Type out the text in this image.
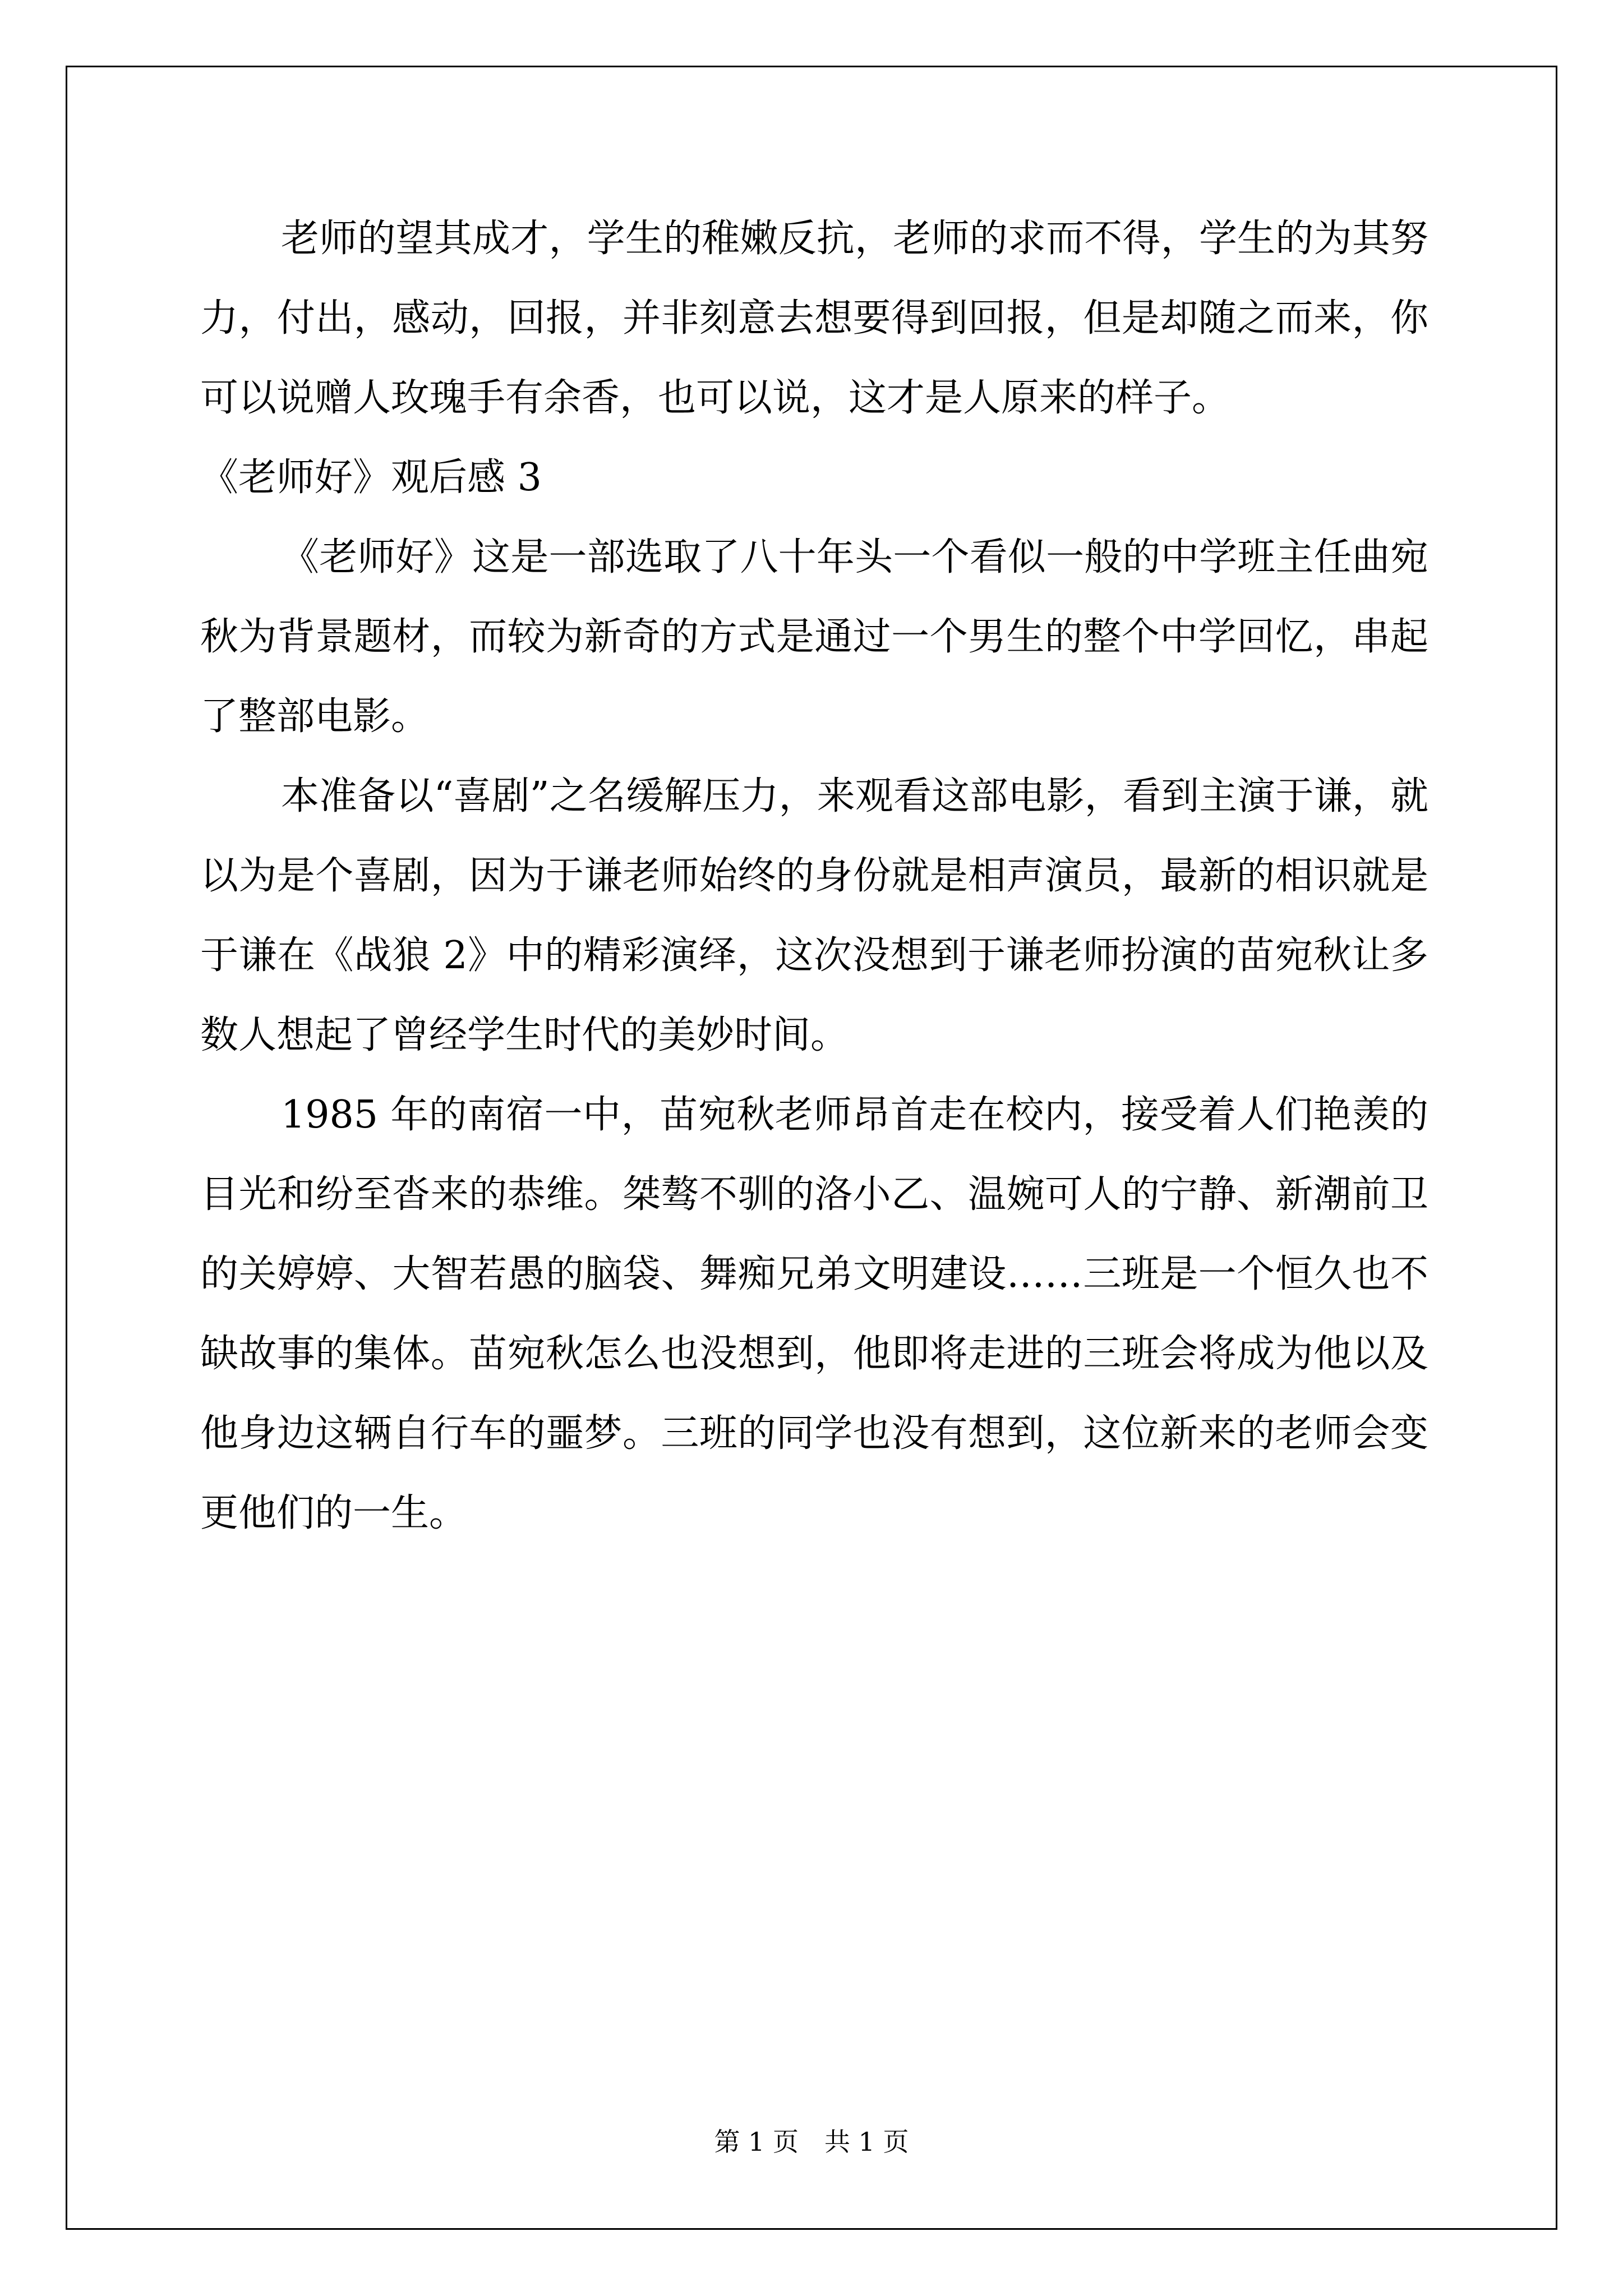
老师的望其成才，学生的稚嫩反抗，老师的求而不得，学生的为其努力，付出，感动，回报，并非刻意去想要得到回报，但是却随之而来，你可以说赠人玫瑰手有余香，也可以说，这才是人原来的样子。

《老师好》观后感 3

《老师好》这是一部选取了八十年头一个看似一般的中学班主任曲宛秋为背景题材，而较为新奇的方式是通过一个男生的整个中学回忆，串起了整部电影。

本准备以“喜剧”之名缓解压力，来观看这部电影，看到主演于谦，就以为是个喜剧，因为于谦老师始终的身份就是相声演员，最新的相识就是于谦在《战狼 2》中的精彩演绎，这次没想到于谦老师扮演的苗宛秋让多数人想起了曾经学生时代的美妙时间。

1985 年的南宿一中，苗宛秋老师昂首走在校内，接受着人们艳羡的目光和纷至沓来的恭维。桀骜不驯的洛小乙、温婉可人的宁静、新潮前卫的关婷婷、大智若愚的脑袋、舞痴兄弟文明建设……三班是一个恒久也不缺故事的集体。苗宛秋怎么也没想到，他即将走进的三班会将成为他以及他身边这辆自行车的噩梦。三班的同学也没有想到，这位新来的老师会变更他们的一生。

第 1 页　共 1 页
